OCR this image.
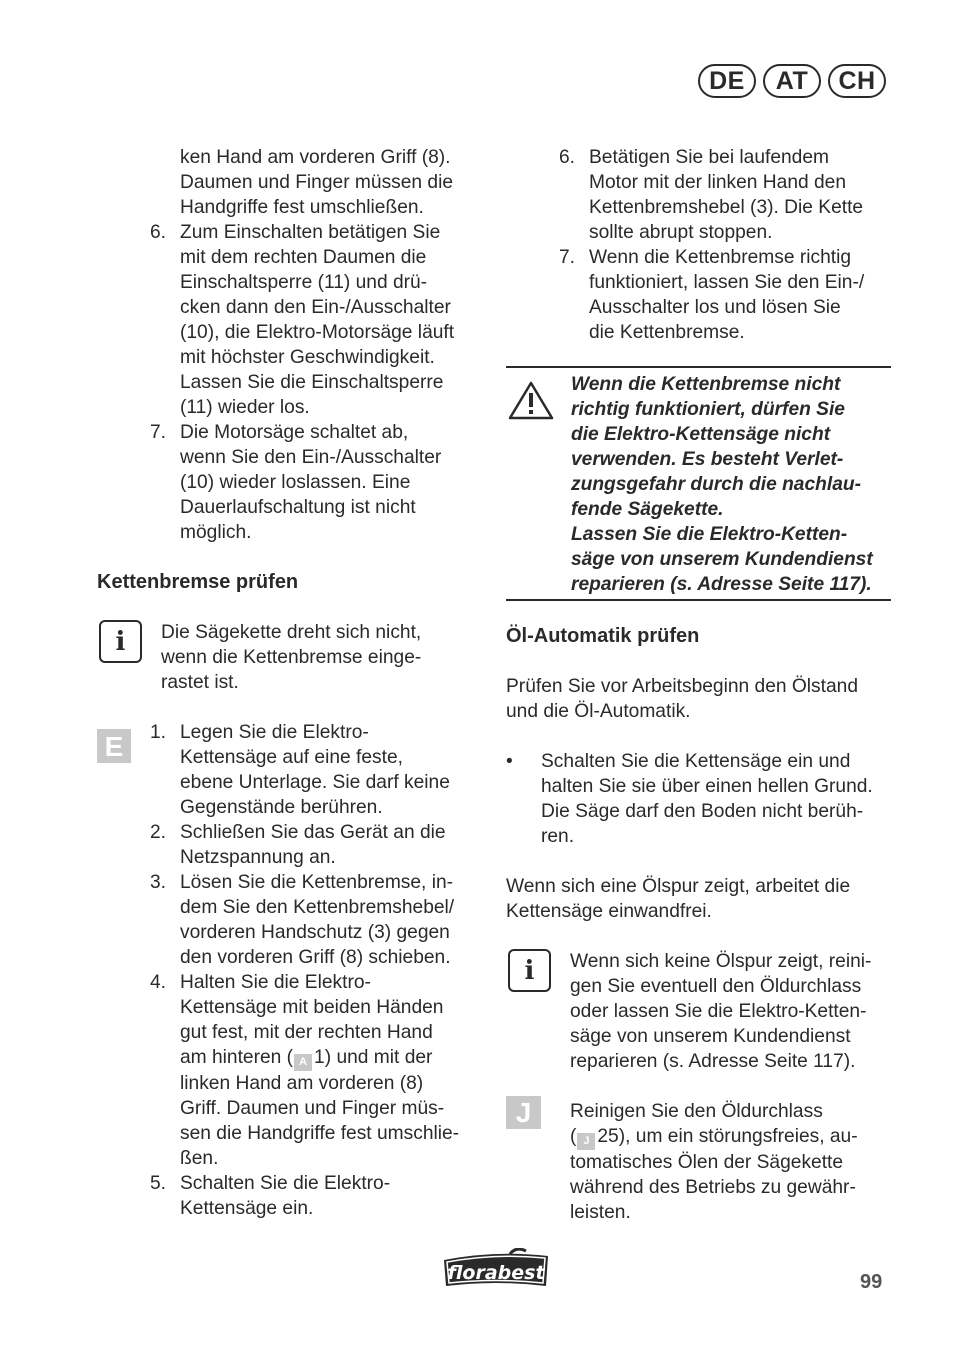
DE	AT	CH
ken Hand am vorderen Griff (8).
Daumen und Finger müssen die
Handgriffe fest umschließen.
6. Zum Einschalten betätigen Sie
mit dem rechten Daumen die
Einschaltsperre (11) und drü-
cken dann den Ein-/Ausschalter
(10), die Elektro-Motorsäge läuft
mit höchster Geschwindigkeit.
Lassen Sie die Einschaltsperre
(11) wieder los.
7. Die Motorsäge schaltet ab,
wenn Sie den Ein-/Ausschalter
(10) wieder loslassen. Eine
Dauerlaufschaltung ist nicht
möglich.
Kettenbremse prüfen
i Die Sägekette dreht sich nicht,
wenn die Kettenbremse einge-
rastet ist.
E	1. Legen Sie die Elektro-
Kettensäge auf eine feste,
ebene Unterlage. Sie darf keine
Gegenstände berühren.
2. Schließen Sie das Gerät an die
Netzspannung an.
3. Lösen Sie die Kettenbremse, in-
dem Sie den Kettenbremshebel/
vorderen Handschutz (3) gegen
den vorderen Griff (8) schieben.
4. Halten Sie die Elektro-
Kettensäge mit beiden Händen
gut fest, mit der rechten Hand
am hinteren ( A 1) und mit der
linken Hand am vorderen (8)
Griff. Daumen und Finger müs-
sen die Handgriffe fest umschlie-
ßen.
5. Schalten Sie die Elektro-
Kettensäge ein.
6. Betätigen Sie bei laufendem
Motor mit der linken Hand den
Kettenbremshebel (3). Die Kette
sollte abrupt stoppen.
7. Wenn die Kettenbremse richtig
funktioniert, lassen Sie den Ein-/
Ausschalter los und lösen Sie
die Kettenbremse.
Wenn die Kettenbremse nicht
richtig funktioniert, dürfen Sie
die Elektro-Kettensäge nicht
verwenden. Es besteht Verlet-
zungsgefahr durch die nachlau-
fende Sägekette.
Lassen Sie die Elektro-Ketten-
säge von unserem Kundendienst
reparieren (s. Adresse Seite 117).
Öl-Automatik prüfen
Prüfen Sie vor Arbeitsbeginn den Ölstand
und die Öl-Automatik.
• Schalten Sie die Kettensäge ein und
halten Sie sie über einen hellen Grund.
Die Säge darf den Boden nicht berüh-
ren.
Wenn sich eine Ölspur zeigt, arbeitet die
Kettensäge einwandfrei.
i Wenn sich keine Ölspur zeigt, reini-
gen Sie eventuell den Öldurchlass
oder lassen Sie die Elektro-Ketten-
säge von unserem Kundendienst
reparieren (s. Adresse Seite 117).
J	Reinigen Sie den Öldurchlass
( J 25), um ein störungsfreies, au-
tomatisches Ölen der Sägekette
während des Betriebs zu gewähr-
leisten.
florabest	99
